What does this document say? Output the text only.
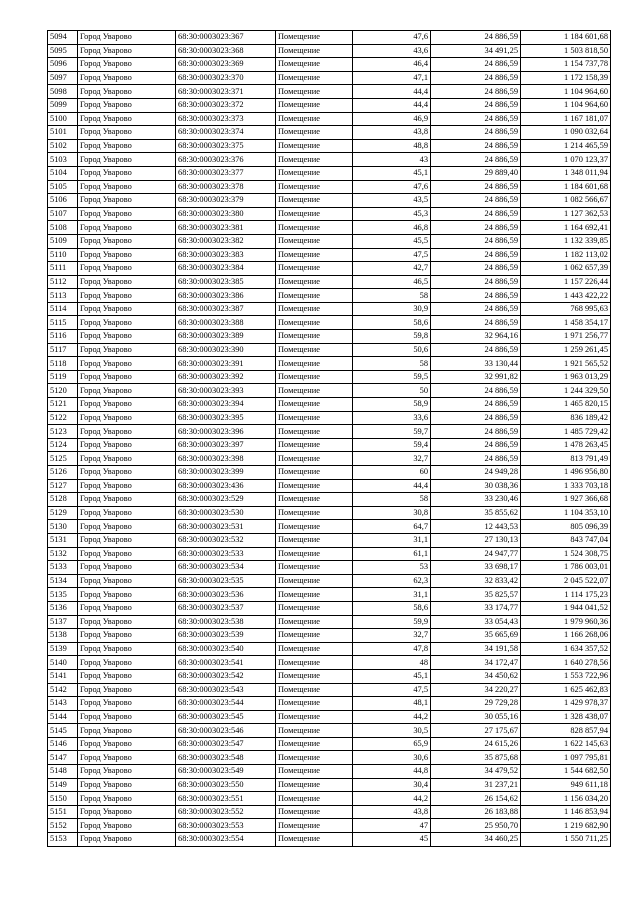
5094	Город Уварово	68:30:0003023:367	Помещение	47,6	24 886,59	1 184 601,68
5095	Город Уварово	68:30:0003023:368	Помещение	43,6	34 491,25	1 503 818,50
5096	Город Уварово	68:30:0003023:369	Помещение	46,4	24 886,59	1 154 737,78
5097	Город Уварово	68:30:0003023:370	Помещение	47,1	24 886,59	1 172 158,39
5098	Город Уварово	68:30:0003023:371	Помещение	44,4	24 886,59	1 104 964,60
5099	Город Уварово	68:30:0003023:372	Помещение	44,4	24 886,59	1 104 964,60
5100	Город Уварово	68:30:0003023:373	Помещение	46,9	24 886,59	1 167 181,07
5101	Город Уварово	68:30:0003023:374	Помещение	43,8	24 886,59	1 090 032,64
5102	Город Уварово	68:30:0003023:375	Помещение	48,8	24 886,59	1 214 465,59
5103	Город Уварово	68:30:0003023:376	Помещение	43	24 886,59	1 070 123,37
5104	Город Уварово	68:30:0003023:377	Помещение	45,1	29 889,40	1 348 011,94
5105	Город Уварово	68:30:0003023:378	Помещение	47,6	24 886,59	1 184 601,68
5106	Город Уварово	68:30:0003023:379	Помещение	43,5	24 886,59	1 082 566,67
5107	Город Уварово	68:30:0003023:380	Помещение	45,3	24 886,59	1 127 362,53
5108	Город Уварово	68:30:0003023:381	Помещение	46,8	24 886,59	1 164 692,41
5109	Город Уварово	68:30:0003023:382	Помещение	45,5	24 886,59	1 132 339,85
5110	Город Уварово	68:30:0003023:383	Помещение	47,5	24 886,59	1 182 113,02
5111	Город Уварово	68:30:0003023:384	Помещение	42,7	24 886,59	1 062 657,39
5112	Город Уварово	68:30:0003023:385	Помещение	46,5	24 886,59	1 157 226,44
5113	Город Уварово	68:30:0003023:386	Помещение	58	24 886,59	1 443 422,22
5114	Город Уварово	68:30:0003023:387	Помещение	30,9	24 886,59	768 995,63
5115	Город Уварово	68:30:0003023:388	Помещение	58,6	24 886,59	1 458 354,17
5116	Город Уварово	68:30:0003023:389	Помещение	59,8	32 964,16	1 971 256,77
5117	Город Уварово	68:30:0003023:390	Помещение	50,6	24 886,59	1 259 261,45
5118	Город Уварово	68:30:0003023:391	Помещение	58	33 130,44	1 921 565,52
5119	Город Уварово	68:30:0003023:392	Помещение	59,5	32 991,82	1 963 013,29
5120	Город Уварово	68:30:0003023:393	Помещение	50	24 886,59	1 244 329,50
5121	Город Уварово	68:30:0003023:394	Помещение	58,9	24 886,59	1 465 820,15
5122	Город Уварово	68:30:0003023:395	Помещение	33,6	24 886,59	836 189,42
5123	Город Уварово	68:30:0003023:396	Помещение	59,7	24 886,59	1 485 729,42
5124	Город Уварово	68:30:0003023:397	Помещение	59,4	24 886,59	1 478 263,45
5125	Город Уварово	68:30:0003023:398	Помещение	32,7	24 886,59	813 791,49
5126	Город Уварово	68:30:0003023:399	Помещение	60	24 949,28	1 496 956,80
5127	Город Уварово	68:30:0003023:436	Помещение	44,4	30 038,36	1 333 703,18
5128	Город Уварово	68:30:0003023:529	Помещение	58	33 230,46	1 927 366,68
5129	Город Уварово	68:30:0003023:530	Помещение	30,8	35 855,62	1 104 353,10
5130	Город Уварово	68:30:0003023:531	Помещение	64,7	12 443,53	805 096,39
5131	Город Уварово	68:30:0003023:532	Помещение	31,1	27 130,13	843 747,04
5132	Город Уварово	68:30:0003023:533	Помещение	61,1	24 947,77	1 524 308,75
5133	Город Уварово	68:30:0003023:534	Помещение	53	33 698,17	1 786 003,01
5134	Город Уварово	68:30:0003023:535	Помещение	62,3	32 833,42	2 045 522,07
5135	Город Уварово	68:30:0003023:536	Помещение	31,1	35 825,57	1 114 175,23
5136	Город Уварово	68:30:0003023:537	Помещение	58,6	33 174,77	1 944 041,52
5137	Город Уварово	68:30:0003023:538	Помещение	59,9	33 054,43	1 979 960,36
5138	Город Уварово	68:30:0003023:539	Помещение	32,7	35 665,69	1 166 268,06
5139	Город Уварово	68:30:0003023:540	Помещение	47,8	34 191,58	1 634 357,52
5140	Город Уварово	68:30:0003023:541	Помещение	48	34 172,47	1 640 278,56
5141	Город Уварово	68:30:0003023:542	Помещение	45,1	34 450,62	1 553 722,96
5142	Город Уварово	68:30:0003023:543	Помещение	47,5	34 220,27	1 625 462,83
5143	Город Уварово	68:30:0003023:544	Помещение	48,1	29 729,28	1 429 978,37
5144	Город Уварово	68:30:0003023:545	Помещение	44,2	30 055,16	1 328 438,07
5145	Город Уварово	68:30:0003023:546	Помещение	30,5	27 175,67	828 857,94
5146	Город Уварово	68:30:0003023:547	Помещение	65,9	24 615,26	1 622 145,63
5147	Город Уварово	68:30:0003023:548	Помещение	30,6	35 875,68	1 097 795,81
5148	Город Уварово	68:30:0003023:549	Помещение	44,8	34 479,52	1 544 682,50
5149	Город Уварово	68:30:0003023:550	Помещение	30,4	31 237,21	949 611,18
5150	Город Уварово	68:30:0003023:551	Помещение	44,2	26 154,62	1 156 034,20
5151	Город Уварово	68:30:0003023:552	Помещение	43,8	26 183,88	1 146 853,94
5152	Город Уварово	68:30:0003023:553	Помещение	47	25 950,70	1 219 682,90
5153	Город Уварово	68:30:0003023:554	Помещение	45	34 460,25	1 550 711,25
